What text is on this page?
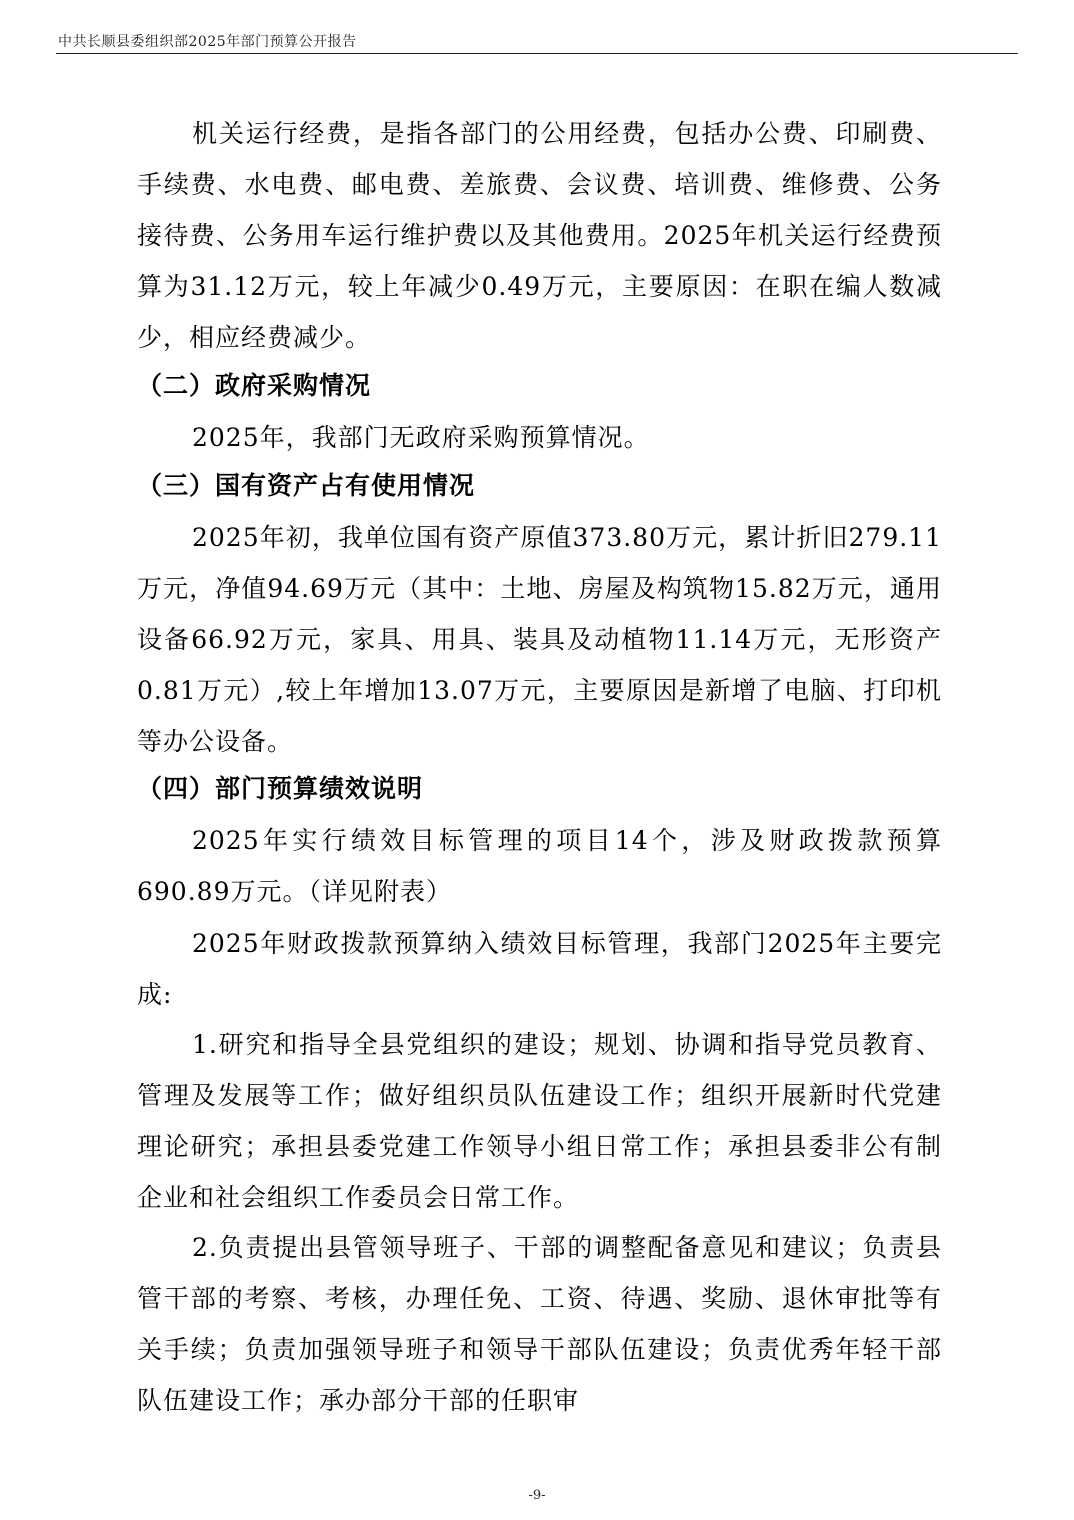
中共长顺县委组织部2025年部门预算公开报告

机关运行经费，是指各部门的公用经费，包括办公费、印刷费、手续费、水电费、邮电费、差旅费、会议费、培训费、维修费、公务接待费、公务用车运行维护费以及其他费用。2025年机关运行经费预算为31.12万元，较上年减少0.49万元，主要原因：在职在编人数减少，相应经费减少。

（二）政府采购情况

2025年，我部门无政府采购预算情况。

（三）国有资产占有使用情况

2025年初，我单位国有资产原值373.80万元，累计折旧279.11万元，净值94.69万元（其中：土地、房屋及构筑物15.82万元，通用设备66.92万元，家具、用具、装具及动植物11.14万元，无形资产0.81万元）,较上年增加13.07万元，主要原因是新增了电脑、打印机等办公设备。

（四）部门预算绩效说明

2025年实行绩效目标管理的项目14个，涉及财政拨款预算690.89万元。（详见附表）

2025年财政拨款预算纳入绩效目标管理，我部门2025年主要完成:

1.研究和指导全县党组织的建设；规划、协调和指导党员教育、管理及发展等工作；做好组织员队伍建设工作；组织开展新时代党建理论研究；承担县委党建工作领导小组日常工作；承担县委非公有制企业和社会组织工作委员会日常工作。

2.负责提出县管领导班子、干部的调整配备意见和建议；负责县管干部的考察、考核，办理任免、工资、待遇、奖励、退休审批等有关手续；负责加强领导班子和领导干部队伍建设；负责优秀年轻干部队伍建设工作；承办部分干部的任职审

-9-
